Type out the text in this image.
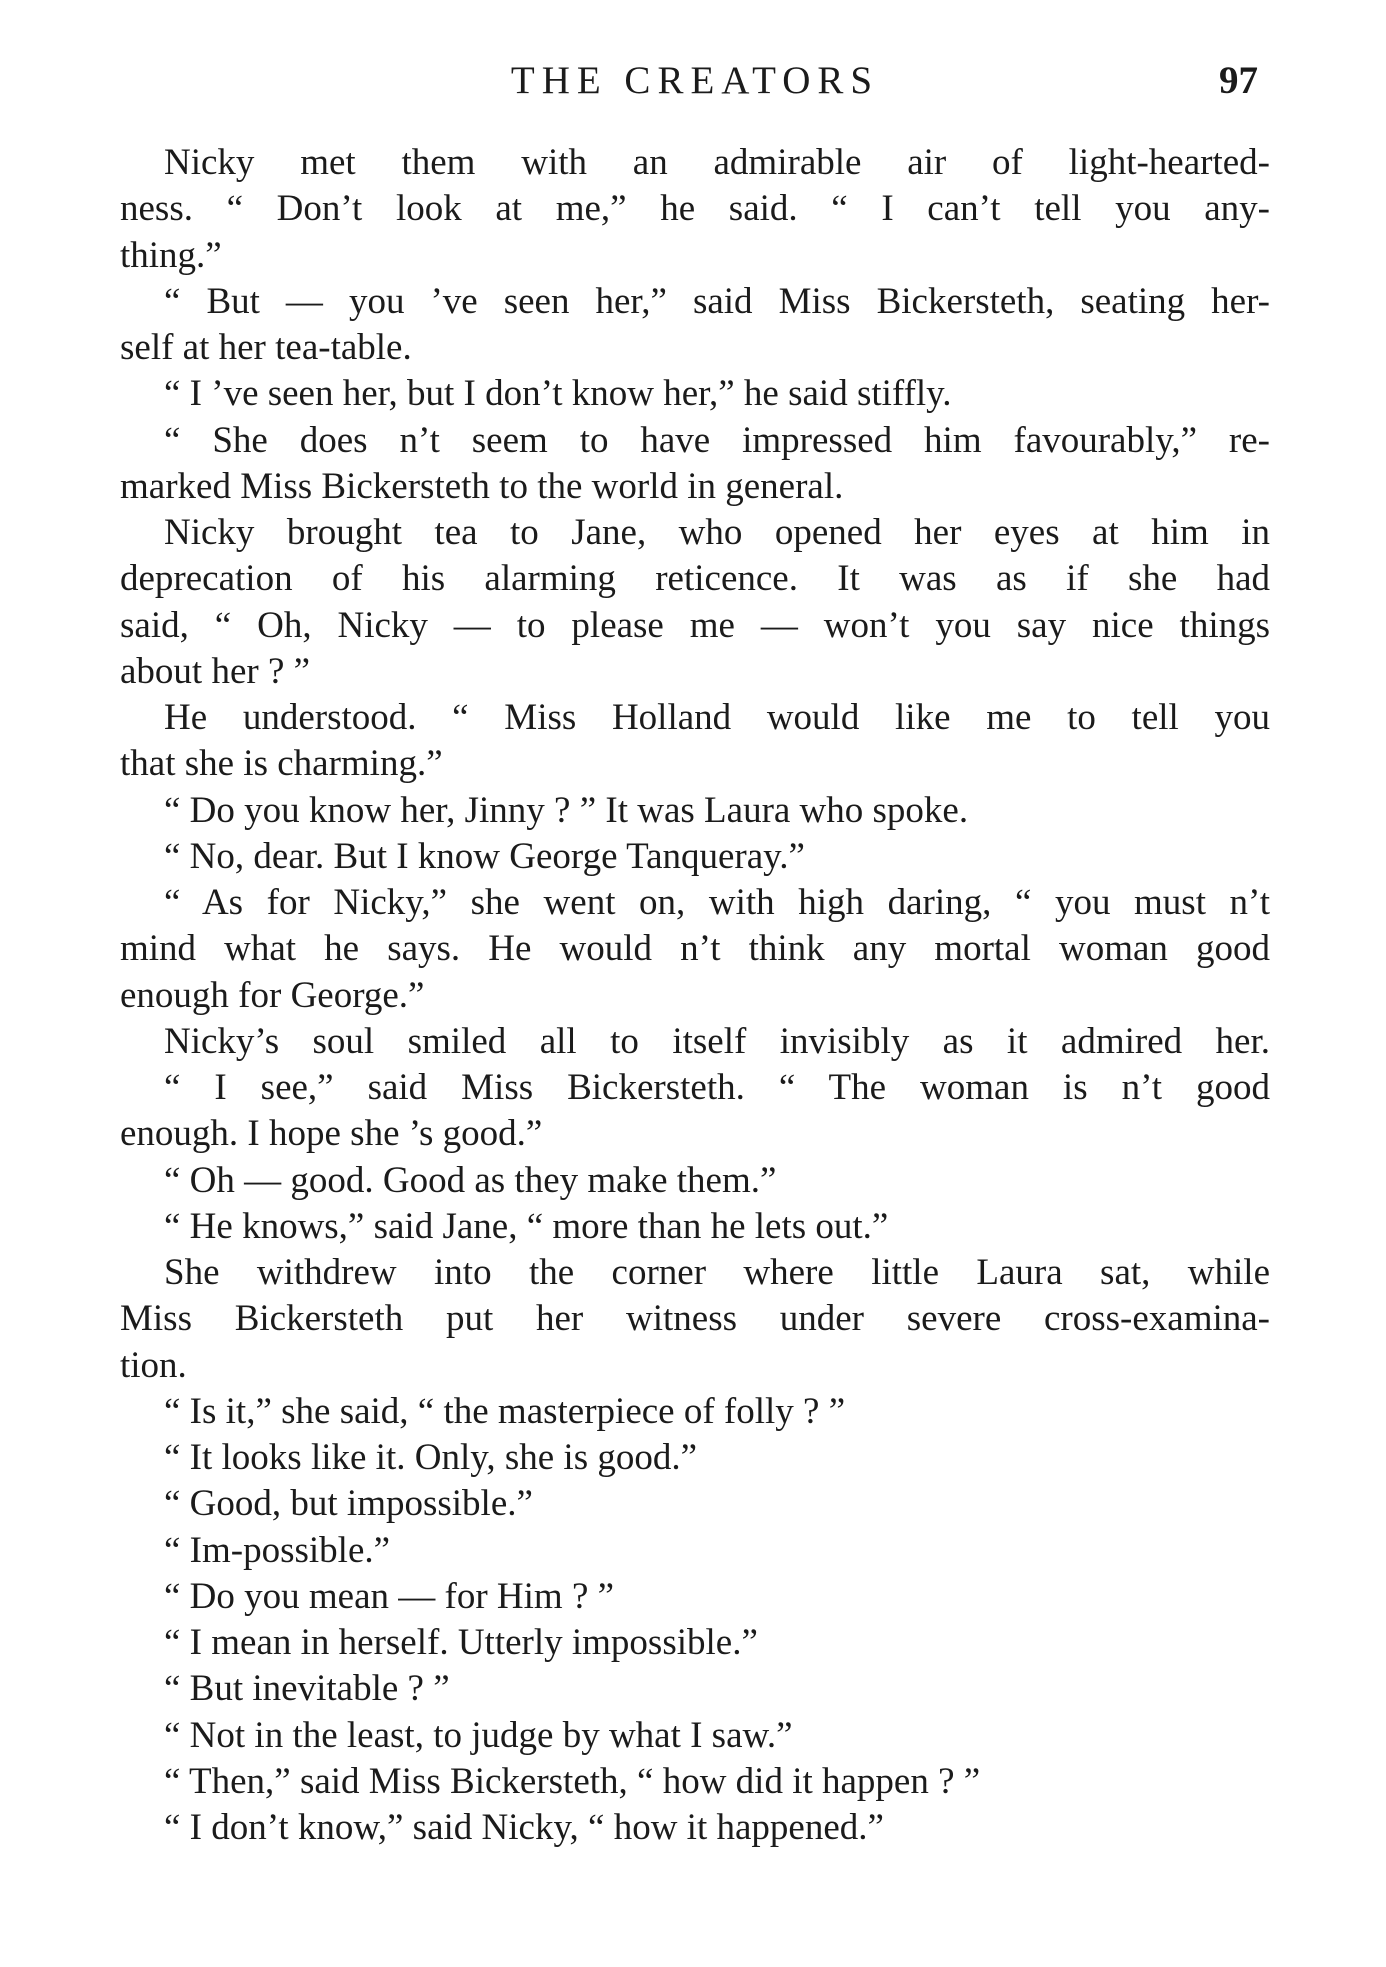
THE CREATORS	97
Nicky met them with an admirable air of light-hearted-
ness. “ Don’t look at me,” he said. “ I can’t tell you any-
thing.”
“ But — you ’ve seen her,” said Miss Bickersteth, seating her-
self at her tea-table.
“ I ’ve seen her, but I don’t know her,” he said stiffly.
“ She does n’t seem to have impressed him favourably,” re-
marked Miss Bickersteth to the world in general.
Nicky brought tea to Jane, who opened her eyes at him in
deprecation of his alarming reticence. It was as if she had
said, “ Oh, Nicky — to please me — won’t you say nice things
about her ? ”
He understood. “ Miss Holland would like me to tell you
that she is charming.”
“ Do you know her, Jinny ? ” It was Laura who spoke.
“ No, dear. But I know George Tanqueray.”
“ As for Nicky,” she went on, with high daring, “ you must n’t
mind what he says. He would n’t think any mortal woman good
enough for George.”
Nicky’s soul smiled all to itself invisibly as it admired her.
“ I see,” said Miss Bickersteth. “ The woman is n’t good
enough. I hope she ’s good.”
“ Oh — good. Good as they make them.”
“ He knows,” said Jane, “ more than he lets out.”
She withdrew into the corner where little Laura sat, while
Miss Bickersteth put her witness under severe cross-examina-
tion.
“ Is it,” she said, “ the masterpiece of folly ? ”
“ It looks like it. Only, she is good.”
“ Good, but impossible.”
“ Im-possible.”
“ Do you mean — for Him ? ”
“ I mean in herself. Utterly impossible.”
“ But inevitable ? ”
“ Not in the least, to judge by what I saw.”
“ Then,” said Miss Bickersteth, “ how did it happen ? ”
“ I don’t know,” said Nicky, “ how it happened.”
